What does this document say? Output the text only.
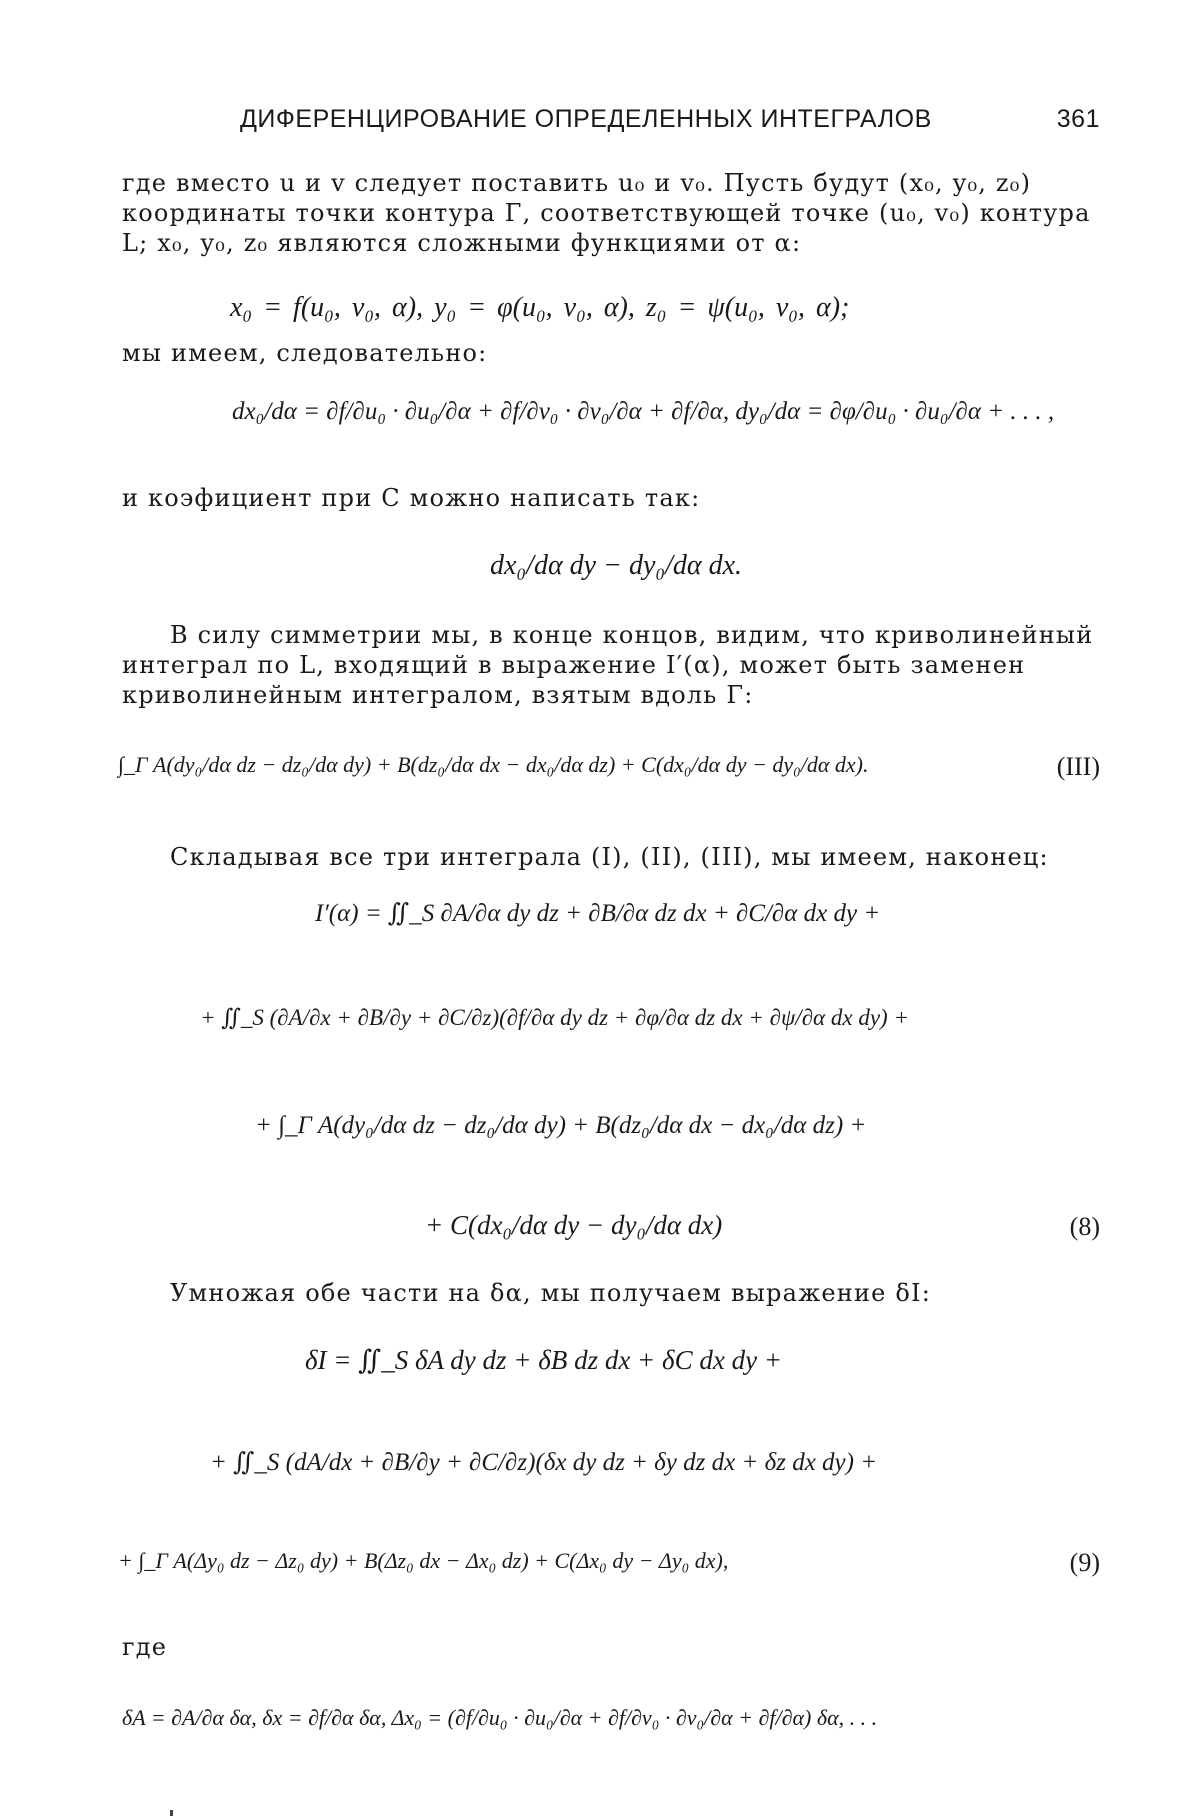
ДИФЕРЕНЦИРОВАНИЕ ОПРЕДЕЛЕННЫХ ИНТЕГРАЛОВ	361
где вместо u и v следует поставить u₀ и v₀. Пусть будут (x₀, y₀, z₀) координаты точки контура Γ, соответствующей точке (u₀, v₀) контура L; x₀, y₀, z₀ являются сложными функциями от α:
x₀ = f(u₀, v₀, α), y₀ = φ(u₀, v₀, α), z₀ = ψ(u₀, v₀, α);
мы имеем, следовательно:
dx₀/dα = ∂f/∂u₀ · ∂u₀/∂α + ∂f/∂v₀ · ∂v₀/∂α + ∂f/∂α, dy₀/dα = ∂φ/∂u₀ · ∂u₀/∂α + . . . ,
и коэфициент при C можно написать так:
dx₀/dα dy − dy₀/dα dx.
В силу симметрии мы, в конце концов, видим, что криволинейный интеграл по L, входящий в выражение I′(α), может быть заменен криволинейным интегралом, взятым вдоль Γ:
∫_Γ A(dy₀/dα dz − dz₀/dα dy) + B(dz₀/dα dx − dx₀/dα dz) + C(dx₀/dα dy − dy₀/dα dx).	(III)
Складывая все три интеграла (I), (II), (III), мы имеем, наконец:
I′(α) = ∬_S ∂A/∂α dy dz + ∂B/∂α dz dx + ∂C/∂α dx dy +
+ ∬_S (∂A/∂x + ∂B/∂y + ∂C/∂z)(∂f/∂α dy dz + ∂φ/∂α dz dx + ∂ψ/∂α dx dy) +
+ ∫_Γ A(dy₀/dα dz − dz₀/dα dy) + B(dz₀/dα dx − dx₀/dα dz) +
+ C(dx₀/dα dy − dy₀/dα dx)	(8)
Умножая обе части на δα, мы получаем выражение δI:
δI = ∬_S δA dy dz + δB dz dx + δC dx dy +
+ ∬_S (dA/dx + ∂B/∂y + ∂C/∂z)(δx dy dz + δy dz dx + δz dx dy) +
+ ∫_Γ A(Δy₀ dz − Δz₀ dy) + B(Δz₀ dx − Δx₀ dz) + C(Δx₀ dy − Δy₀ dx),	(9)
где
δA = ∂A/∂α δα, δx = ∂f/∂α δα, Δx₀ = (∂f/∂u₀ · ∂u₀/∂α + ∂f/∂v₀ · ∂v₀/∂α + ∂f/∂α) δα, . . .
